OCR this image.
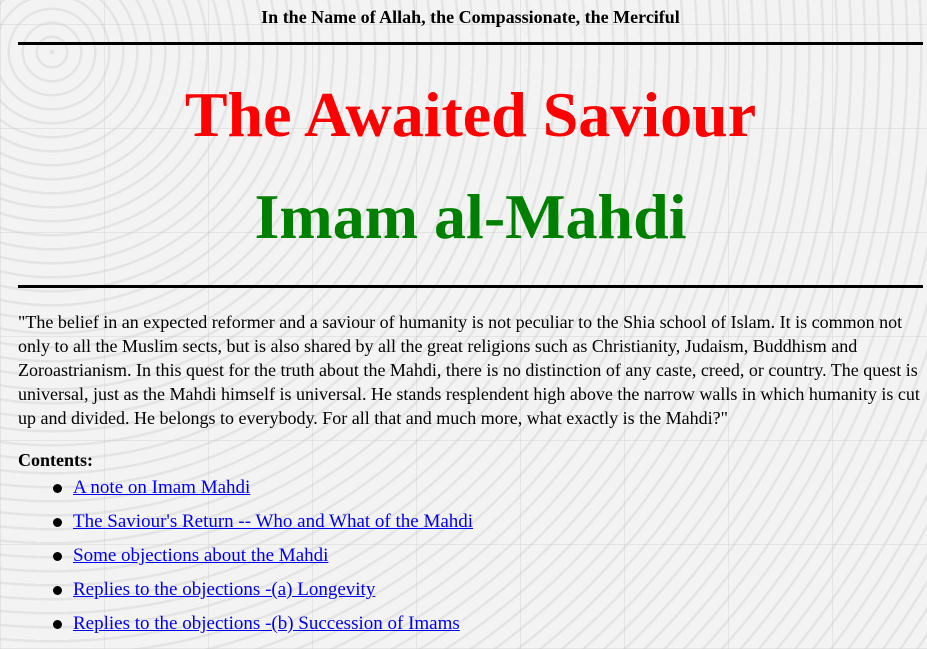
In the Name of Allah, the Compassionate, the Merciful
The Awaited Saviour
Imam al-Mahdi

"The belief in an expected reformer and a saviour of humanity is not peculiar to the Shia school of Islam. It is common not only to all the Muslim sects, but is also shared by all the great religions such as Christianity, Judaism, Buddhism and Zoroastrianism. In this quest for the truth about the Mahdi, there is no distinction of any caste, creed, or country. The quest is universal, just as the Mahdi himself is universal. He stands resplendent high above the narrow walls in which humanity is cut up and divided. He belongs to everybody. For all that and much more, what exactly is the Mahdi?"

Contents:
A note on Imam Mahdi
The Saviour's Return -- Who and What of the Mahdi
Some objections about the Mahdi
Replies to the objections -(a) Longevity
Replies to the objections -(b) Succession of Imams
